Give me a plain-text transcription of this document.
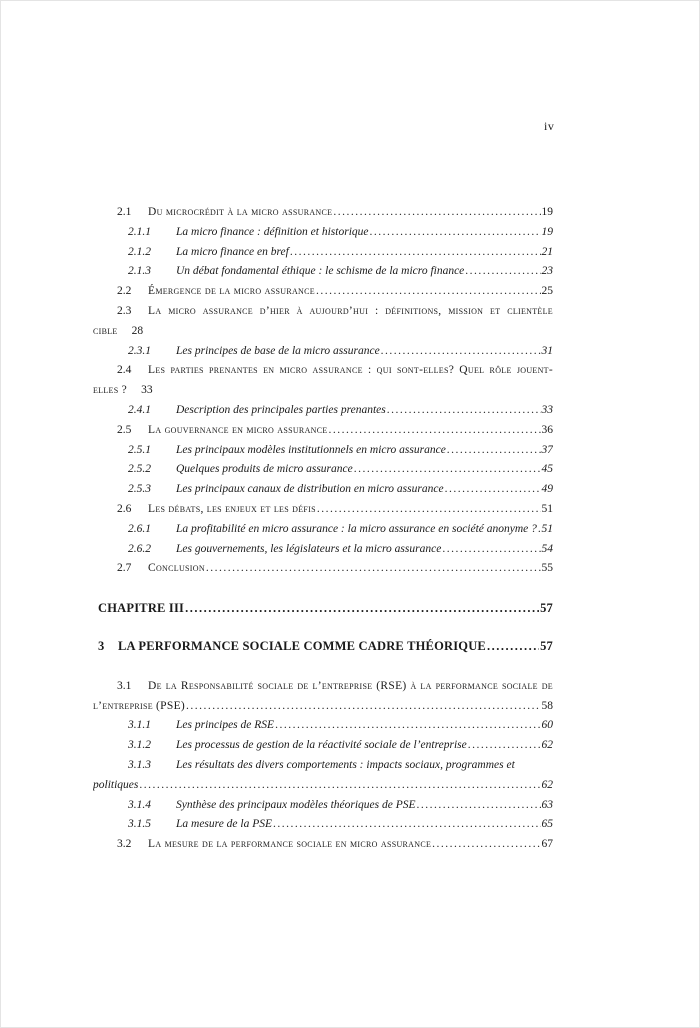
iv
2.1	Du microcrédit à la micro assurance .....	19
2.1.1	La micro finance : définition et historique .....	19
2.1.2	La micro finance en bref .....	21
2.1.3	Un débat fondamental éthique : le schisme de la micro finance .....	23
2.2	Émergence de la micro assurance .....	25
2.3	La micro assurance d’hier à aujourd’hui : définitions, mission et clientèle
cible 28
2.3.1	Les principes de base de la micro assurance .....	31
2.4	Les parties prenantes en micro assurance : qui sont-elles? Quel rôle jouent-
elles ? 33
2.4.1	Description des principales parties prenantes .....	33
2.5	La gouvernance en micro assurance .....	36
2.5.1	Les principaux modèles institutionnels en micro assurance .....	37
2.5.2	Quelques produits de micro assurance .....	45
2.5.3	Les principaux canaux de distribution en micro assurance .....	49
2.6	Les débats, les enjeux et les défis .....	51
2.6.1	La profitabilité en micro assurance : la micro assurance en société anonyme ? ..... 51
2.6.2	Les gouvernements, les législateurs et la micro assurance .....	54
2.7	Conclusion .....	55
CHAPITRE III .....	57
3	LA PERFORMANCE SOCIALE COMME CADRE THÉORIQUE .....	57
3.1	De la Responsabilité sociale de l’entreprise (RSE) à la performance sociale de
l’entreprise (PSE) .....	58
3.1.1	Les principes de RSE .....	60
3.1.2	Les processus de gestion de la réactivité sociale de l’entreprise .....	62
3.1.3	Les résultats des divers comportements : impacts sociaux, programmes et
politiques .....	62
3.1.4	Synthèse des principaux modèles théoriques de PSE .....	63
3.1.5	La mesure de la PSE .....	65
3.2	La mesure de la performance sociale en micro assurance .....	67
